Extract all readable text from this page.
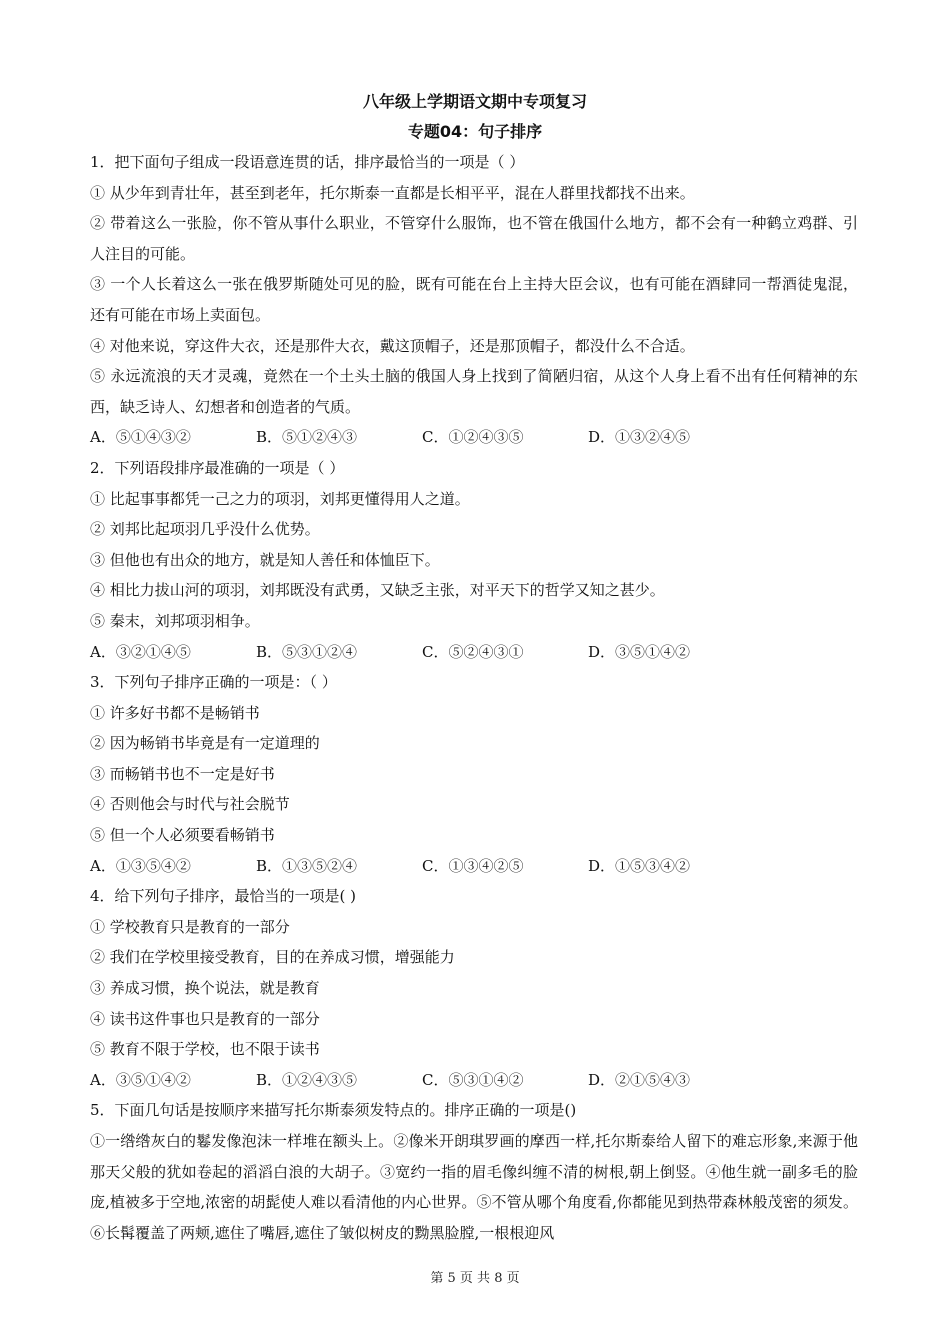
八年级上学期语文期中专项复习
专题04：句子排序
1．把下面句子组成一段语意连贯的话，排序最恰当的一项是（ ）
① 从少年到青壮年，甚至到老年，托尔斯泰一直都是长相平平，混在人群里找都找不出来。
② 带着这么一张脸，你不管从事什么职业，不管穿什么服饰，也不管在俄国什么地方，都不会有一种鹤立鸡群、引人注目的可能。
③ 一个人长着这么一张在俄罗斯随处可见的脸，既有可能在台上主持大臣会议，也有可能在酒肆同一帮酒徒鬼混，还有可能在市场上卖面包。
④ 对他来说，穿这件大衣，还是那件大衣，戴这顶帽子，还是那顶帽子，都没什么不合适。
⑤ 永远流浪的天才灵魂，竟然在一个土头土脑的俄国人身上找到了简陋归宿，从这个人身上看不出有任何精神的东西，缺乏诗人、幻想者和创造者的气质。
A．⑤①④③②	B．⑤①②④③	C．①②④③⑤	D．①③②④⑤
2．下列语段排序最准确的一项是（ ）
① 比起事事都凭一己之力的项羽，刘邦更懂得用人之道。
② 刘邦比起项羽几乎没什么优势。
③ 但他也有出众的地方，就是知人善任和体恤臣下。
④ 相比力拔山河的项羽，刘邦既没有武勇，又缺乏主张，对平天下的哲学又知之甚少。
⑤ 秦末，刘邦项羽相争。
A．③②①④⑤	B．⑤③①②④	C．⑤②④③①	D．③⑤①④②
3．下列句子排序正确的一项是：（ ）
① 许多好书都不是畅销书
② 因为畅销书毕竟是有一定道理的
③ 而畅销书也不一定是好书
④ 否则他会与时代与社会脱节
⑤ 但一个人必须要看畅销书
A．①③⑤④②	B．①③⑤②④	C．①③④②⑤	D．①⑤③④②
4．给下列句子排序，最恰当的一项是( )
① 学校教育只是教育的一部分
② 我们在学校里接受教育，目的在养成习惯，增强能力
③ 养成习惯，换个说法，就是教育
④ 读书这件事也只是教育的一部分
⑤ 教育不限于学校，也不限于读书
A．③⑤①④②	B．①②④③⑤	C．⑤③①④②	D．②①⑤④③
5．下面几句话是按顺序来描写托尔斯泰须发特点的。排序正确的一项是()
①一绺绺灰白的鬈发像泡沫一样堆在额头上。②像米开朗琪罗画的摩西一样,托尔斯泰给人留下的难忘形象,来源于他那天父般的犹如卷起的滔滔白浪的大胡子。③宽约一指的眉毛像纠缠不清的树根,朝上倒竖。④他生就一副多毛的脸庞,植被多于空地,浓密的胡髭使人难以看清他的内心世界。⑤不管从哪个角度看,你都能见到热带森林般茂密的须发。⑥长髯覆盖了两颊,遮住了嘴唇,遮住了皱似树皮的黝黑脸膛,一根根迎风
第 5 页 共 8 页
